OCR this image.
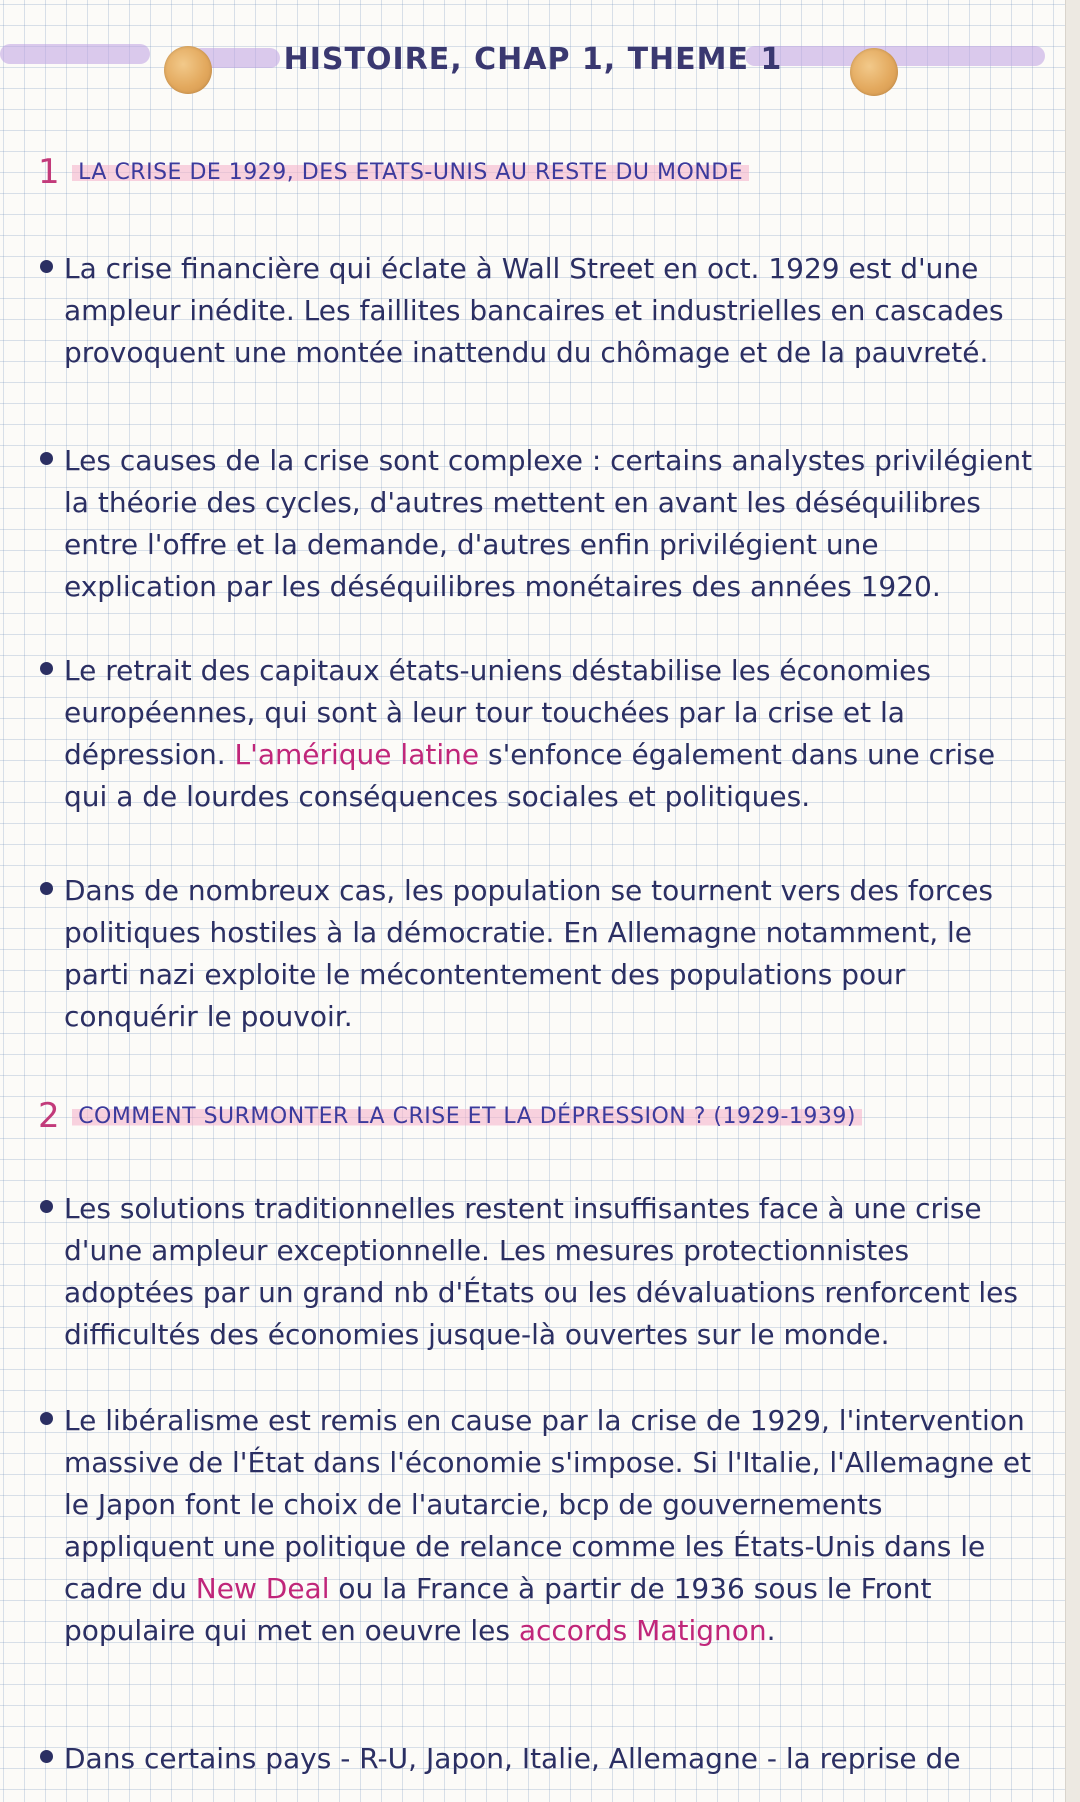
HISTOIRE, CHAP 1, THEME 1
1 LA CRISE DE 1929, DES ETATS-UNIS AU RESTE DU MONDE
La crise financière qui éclate à Wall Street en oct. 1929 est d'une ampleur inédite. Les faillites bancaires et industrielles en cascades provoquent une montée inattendu du chômage et de la pauvreté.
Les causes de la crise sont complexe : certains analystes privilégient la théorie des cycles, d'autres mettent en avant les déséquilibres entre l'offre et la demande, d'autres enfin privilégient une explication par les déséquilibres monétaires des années 1920.
Le retrait des capitaux états-uniens déstabilise les économies européennes, qui sont à leur tour touchées par la crise et la dépression. L'amérique latine s'enfonce également dans une crise qui a de lourdes conséquences sociales et politiques.
Dans de nombreux cas, les population se tournent vers des forces politiques hostiles à la démocratie. En Allemagne notamment, le parti nazi exploite le mécontentement des populations pour conquérir le pouvoir.
2 COMMENT SURMONTER LA CRISE ET LA DÉPRESSION ? (1929-1939)
Les solutions traditionnelles restent insuffisantes face à une crise d'une ampleur exceptionnelle. Les mesures protectionnistes adoptées par un grand nb d'États ou les dévaluations renforcent les difficultés des économies jusque-là ouvertes sur le monde.
Le libéralisme est remis en cause par la crise de 1929, l'intervention massive de l'État dans l'économie s'impose. Si l'Italie, l'Allemagne et le Japon font le choix de l'autarcie, bcp de gouvernements appliquent une politique de relance comme les États-Unis dans le cadre du New Deal ou la France à partir de 1936 sous le Front populaire qui met en oeuvre les accords Matignon.
Dans certains pays - R-U, Japon, Italie, Allemagne - la reprise de
